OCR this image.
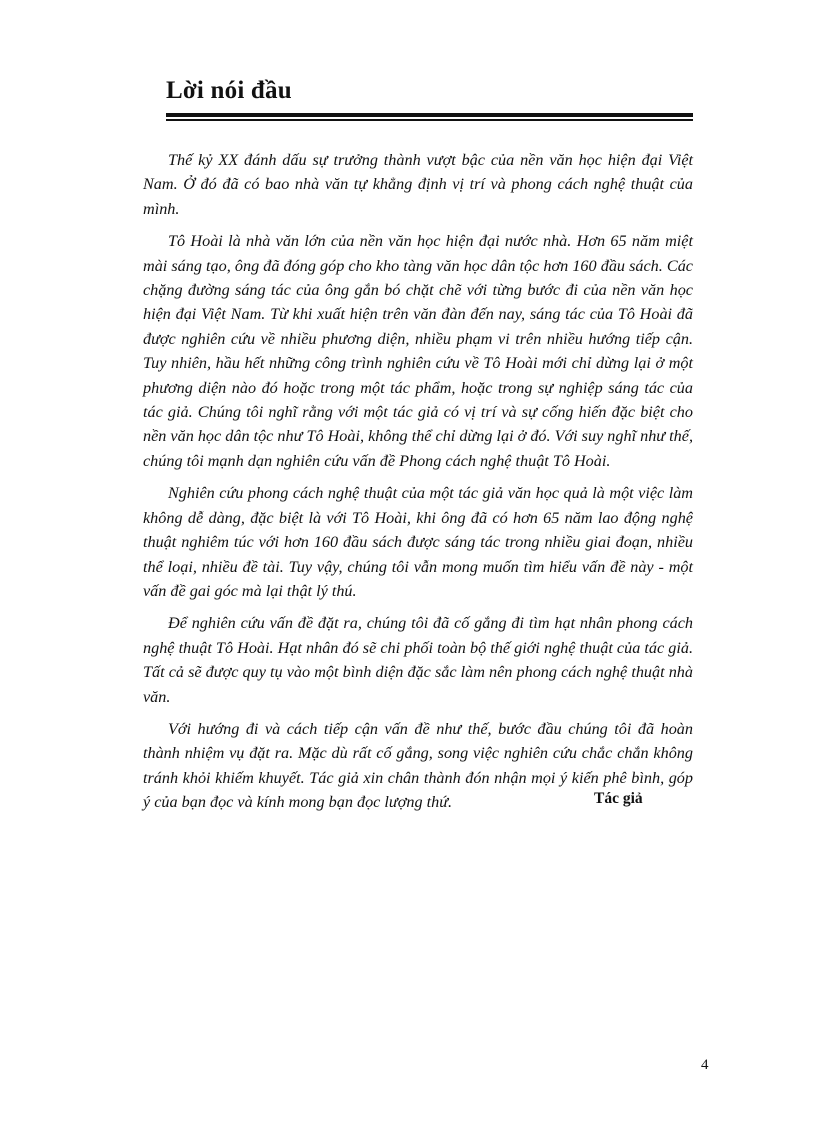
Lời nói đầu

Thế kỷ XX đánh dấu sự trưởng thành vượt bậc của nền văn học hiện đại Việt Nam. Ở đó đã có bao nhà văn tự khẳng định vị trí và phong cách nghệ thuật của mình.

Tô Hoài là nhà văn lớn của nền văn học hiện đại nước nhà. Hơn 65 năm miệt mài sáng tạo, ông đã đóng góp cho kho tàng văn học dân tộc hơn 160 đầu sách. Các chặng đường sáng tác của ông gắn bó chặt chẽ với từng bước đi của nền văn học hiện đại Việt Nam. Từ khi xuất hiện trên văn đàn đến nay, sáng tác của Tô Hoài đã được nghiên cứu về nhiều phương diện, nhiều phạm vi trên nhiều hướng tiếp cận. Tuy nhiên, hầu hết những công trình nghiên cứu về Tô Hoài mới chỉ dừng lại ở một phương diện nào đó hoặc trong một tác phẩm, hoặc trong sự nghiệp sáng tác của tác giả. Chúng tôi nghĩ rằng với một tác giả có vị trí và sự cống hiến đặc biệt cho nền văn học dân tộc như Tô Hoài, không thể chỉ dừng lại ở đó. Với suy nghĩ như thế, chúng tôi mạnh dạn nghiên cứu vấn đề Phong cách nghệ thuật Tô Hoài.

Nghiên cứu phong cách nghệ thuật của một tác giả văn học quả là một việc làm không dễ dàng, đặc biệt là với Tô Hoài, khi ông đã có hơn 65 năm lao động nghệ thuật nghiêm túc với hơn 160 đầu sách được sáng tác trong nhiều giai đoạn, nhiều thể loại, nhiều đề tài. Tuy vậy, chúng tôi vẫn mong muốn tìm hiểu vấn đề này - một vấn đề gai góc mà lại thật lý thú.

Để nghiên cứu vấn đề đặt ra, chúng tôi đã cố gắng đi tìm hạt nhân phong cách nghệ thuật Tô Hoài. Hạt nhân đó sẽ chi phối toàn bộ thế giới nghệ thuật của tác giả. Tất cả sẽ được quy tụ vào một bình diện đặc sắc làm nên phong cách nghệ thuật nhà văn.

Với hướng đi và cách tiếp cận vấn đề như thế, bước đầu chúng tôi đã hoàn thành nhiệm vụ đặt ra. Mặc dù rất cố gắng, song việc nghiên cứu chắc chắn không tránh khỏi khiếm khuyết. Tác giả xin chân thành đón nhận mọi ý kiến phê bình, góp ý của bạn đọc và kính mong bạn đọc lượng thứ.	Tác giả

4
